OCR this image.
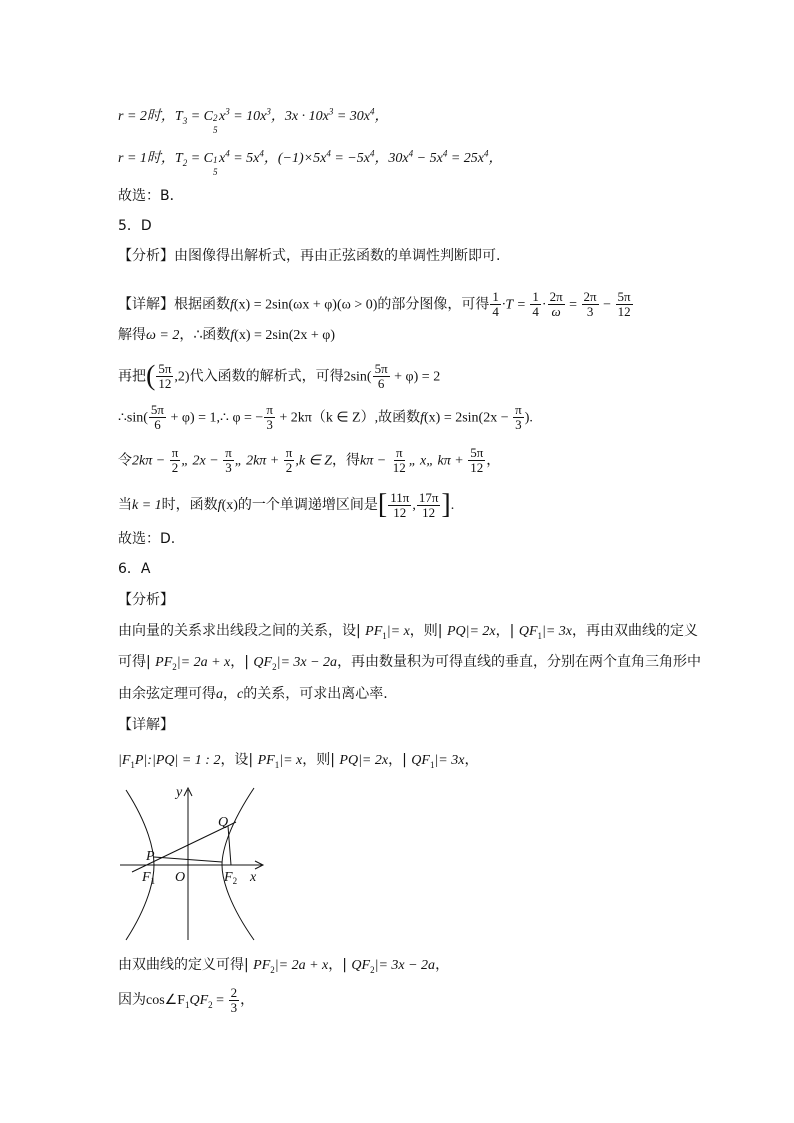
r = 2时，$T_3 = C$ 2
5
$x^3 = 10x^3$，$3x \cdot 10x^3 = 30x^4$，
r = 1时，$T_2 = C$ 1
5
$x^4 = 5x^4$，$(-1)\times 5x^4 = -5x^4$，$30x^4 - 5x^4 = 25x^4$，
故选：B．
5．D
【分析】由图像得出解析式，再由正弦函数的单调性判断即可.
【详解】根据函数f(x) = 2sin(ωx + φ)(ω > 0)的部分图像，可得 $\frac{1}{4} \cdot T = \frac{1}{4} \cdot \frac{2\pi}{\omega} = \frac{2\pi}{3} - \frac{5\pi}{12}$
解得ω = 2，∴函数f(x) = 2sin(2x + φ)
再把( $\frac{5\pi}{12} ,2$)代入函数的解析式，可得$2\sin( \frac{5\pi}{6} + \varphi) = 2$
∴sin( $\frac{5\pi}{6} + \varphi$) = 1,∴ φ = − $\frac{\pi}{3} + 2k\pi(k$ ∈ Z）,故函数$f(x) = 2\sin(2x - \frac{\pi}{3}$ ).
令$2k\pi - \frac{\pi}{2}$ „ $2x - \frac{\pi}{3}$ „ $2k\pi + \frac{\pi}{2} ,k$ ∈ Z，得$k\pi - \frac{\pi}{12}$ „ x„ $k\pi + \frac{5\pi}{12}$ ，
当k = 1时，函数f(x)的一个单调递增区间是[ $\frac{11\pi}{12}$ , $\frac{17\pi}{12}$ ].
故选：D.
6．A
【分析】
由向量的关系求出线段之间的关系，设| $PF_1|= x$，则| PQ|= 2x，| $QF_1|= 3x$，再由双曲线的定义
可得| $PF_2|= 2a + x$，| $QF_2|= 3x - 2a$，再由数量积为可得直线的垂直，分别在两个直角三角形中
由余弦定理可得a，c的关系，可求出离心率.
【详解】
$|F_1P|:|PQ| = 1$ : 2，设| $PF_1|= x$，则| PQ|= 2x，| $QF_1|= 3x$，
y
Q
P
$F_1$ O	$F_2$ x
由双曲线的定义可得| $PF_2|= 2a + x$，| $QF_2|= 3x - 2a$，
因为$\cos\angle F_1QF_2 = \frac{2}{3}$ ，
